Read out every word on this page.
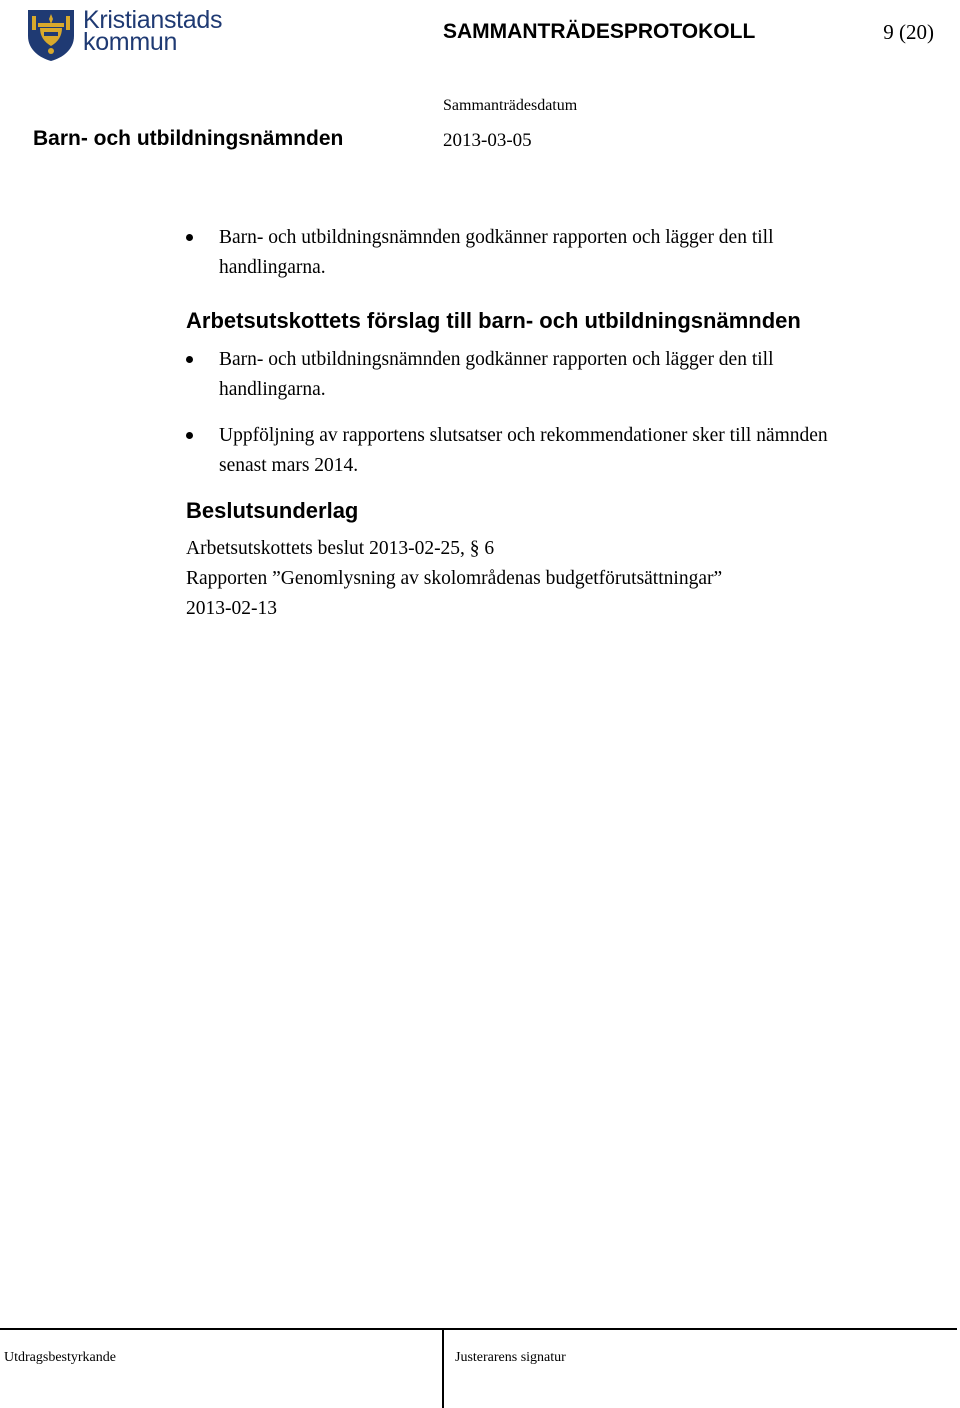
Kristianstads
kommun	SAMMANTRÄDESPROTOKOLL	9 (20)
Sammanträdesdatum
Barn- och utbildningsnämnden	2013-03-05
Barn- och utbildningsnämnden godkänner rapporten och lägger den till handlingarna.
Arbetsutskottets förslag till barn- och utbildningsnämnden
Barn- och utbildningsnämnden godkänner rapporten och lägger den till handlingarna.
Uppföljning av rapportens slutsatser och rekommendationer sker till nämnden senast mars 2014.
Beslutsunderlag
Arbetsutskottets beslut 2013-02-25, § 6
Rapporten ”Genomlysning av skolområdenas budgetförutsättningar”
2013-02-13
Utdragsbestyrkande	Justerarens signatur
